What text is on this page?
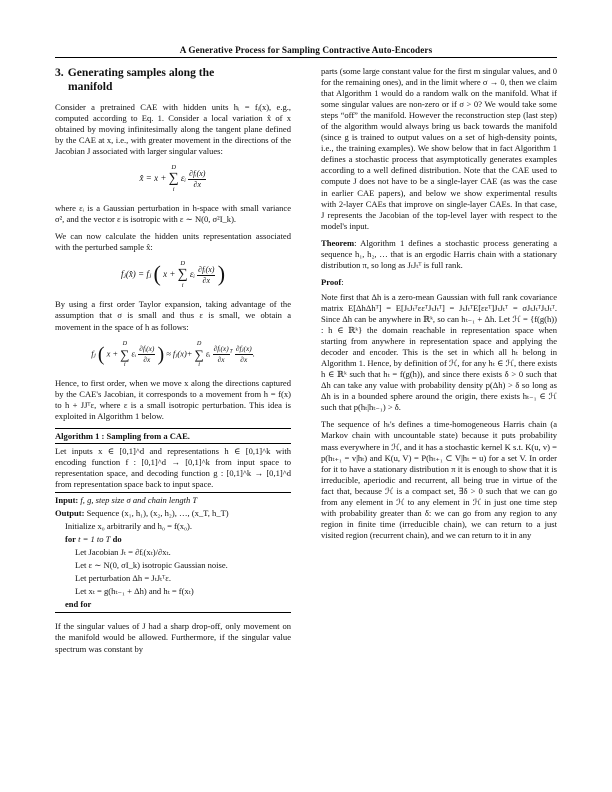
A Generative Process for Sampling Contractive Auto-Encoders
3. Generating samples along the
manifold

Consider a pretrained CAE with hidden units hᵢ = fᵢ(x), e.g., computed according to Eq. 1. Consider a local variation x̂ of x obtained by moving infinitesimally along the tangent plane defined by the CAE at x, i.e., with greater movement in the directions of the Jacobian J associated with larger singular values:

x̂ = x +
D
∑
i
εᵢ $\frac{\text{∂fᵢ(x)}}{\partial x}$

where εᵢ is a Gaussian perturbation in h-space with small variance σ², and the vector ε is isotropic with ε ∼ N(0, σ²I_k).

We can now calculate the hidden units representation associated with the perturbed sample x̂:

fⱼ(x̂) = fⱼ ( x +
D
∑
i
εᵢ $\frac{\text{∂fᵢ(x)}}{\partial x}$ )

By using a first order Taylor expansion, taking advantage of the assumption that σ is small and thus ε is small, we obtain a movement in the space of h as follows:

fⱼ ( x +
D
∑
i
εᵢ $\frac{\text{∂fᵢ(x)}}{\partial x}$ ) ≈ fⱼ(x)+
D
∑
i
εᵢ $\frac{\text{∂fᵢ(x)}}{\partial x} ^T \frac{\text{∂fⱼ(x)}}{\partial x}$ .

Hence, to first order, when we move x along the directions captured by the CAE's Jacobian, it corresponds to a movement from h = f(x) to h + JJᵀε, where ε is a small isotropic perturbation. This idea is exploited in Algorithm 1 below.

Algorithm 1 : Sampling from a CAE.

Let inputs x ∈ [0,1]^d and representations h ∈ [0,1]^k with encoding function f : [0,1]^d → [0,1]^k from input space to representation space, and decoding function g : [0,1]^k → [0,1]^d from representation space back to input space.

Input: f, g, step size σ and chain length T

Output: Sequence (x₁, h₁), (x₂, h₂), …, (x_T, h_T)

Initialize x₀ arbitrarily and h₀ = f(x₀).

for t = 1 to T do

Let Jacobian Jₜ = ∂fᵢ(xₜ)/∂xₜ.

Let ε ∼ N(0, σI_k) isotropic Gaussian noise.

Let perturbation Δh = JₜJₜᵀε.

Let xₜ = g(hₜ₋₁ + Δh) and hₜ = f(xₜ)

end for

If the singular values of J had a sharp drop-off, only movement on the manifold would be allowed. Furthermore, if the singular value spectrum was constant by

parts (some large constant value for the first m singular values, and 0 for the remaining ones), and in the limit where σ → 0, then we claim that Algorithm 1 would do a random walk on the manifold. What if some singular values are non-zero or if σ > 0? We would take some steps “off” the manifold. However the reconstruction step (last step) of the algorithm would always bring us back towards the manifold (since g is trained to output values on a set of high-density points, i.e., the training examples). We show below that in fact Algorithm 1 defines a stochastic process that asymptotically generates examples according to a well defined distribution. Note that the CAE used to compute J does not have to be a single-layer CAE (as was the case in earlier CAE papers), and below we show experimental results with 2-layer CAEs that improve on single-layer CAEs. In that case, J represents the Jacobian of the top-level layer with respect to the model's input.

Theorem: Algorithm 1 defines a stochastic process generating a sequence h₁, h₂, … that is an ergodic Harris chain with a stationary distribution π, so long as JₜJₜᵀ is full rank.

Proof:

Note first that Δh is a zero-mean Gaussian with full rank covariance matrix E[ΔhΔhᵀ] = E[JₜJₜᵀεεᵀJₜJₜᵀ] = JₜJₜᵀE[εεᵀ]JₜJₜᵀ = σJₜJₜᵀJₜJₜᵀ. Since Δh can be anywhere in ℝᵏ, so can hₜ₋₁ + Δh. Let ℋ = {f(g(h)) : h ∈ ℝᵏ} the domain reachable in representation space when starting from anywhere in representation space and applying the decoder and encoder. This is the set in which all hₜ belong in Algorithm 1. Hence, by definition of ℋ, for any hₜ ∈ ℋ, there exists h ∈ ℝᵏ such that hₜ = f(g(h)), and since there exists δ > 0 such that Δh can take any value with probability density p(Δh) > δ so long as Δh is in a bounded sphere around the origin, there exists hₜ₋₁ ∈ ℋ such that p(hₜ|hₜ₋₁) > δ.

The sequence of hₜ's defines a time-homogeneous Harris chain (a Markov chain with uncountable state) because it puts probability mass everywhere in ℋ, and it has a stochastic kernel K s.t. K(u, v) = p(hₜ₊₁ = v|hₜ) and K(u, V) = P(hₜ₊₁ ⊂ V|hₜ = u) for a set V. In order for it to have a stationary distribution π it is enough to show that it is irreducible, aperiodic and recurrent, all being true in virtue of the fact that, because ℋ is a compact set, ∃δ > 0 such that we can go from any element in ℋ to any element in ℋ in just one time step with probability greater than δ: we can go from any region to any region in finite time (irreducible chain), we can return to a just visited region (recurrent chain), and we can return to it in any
